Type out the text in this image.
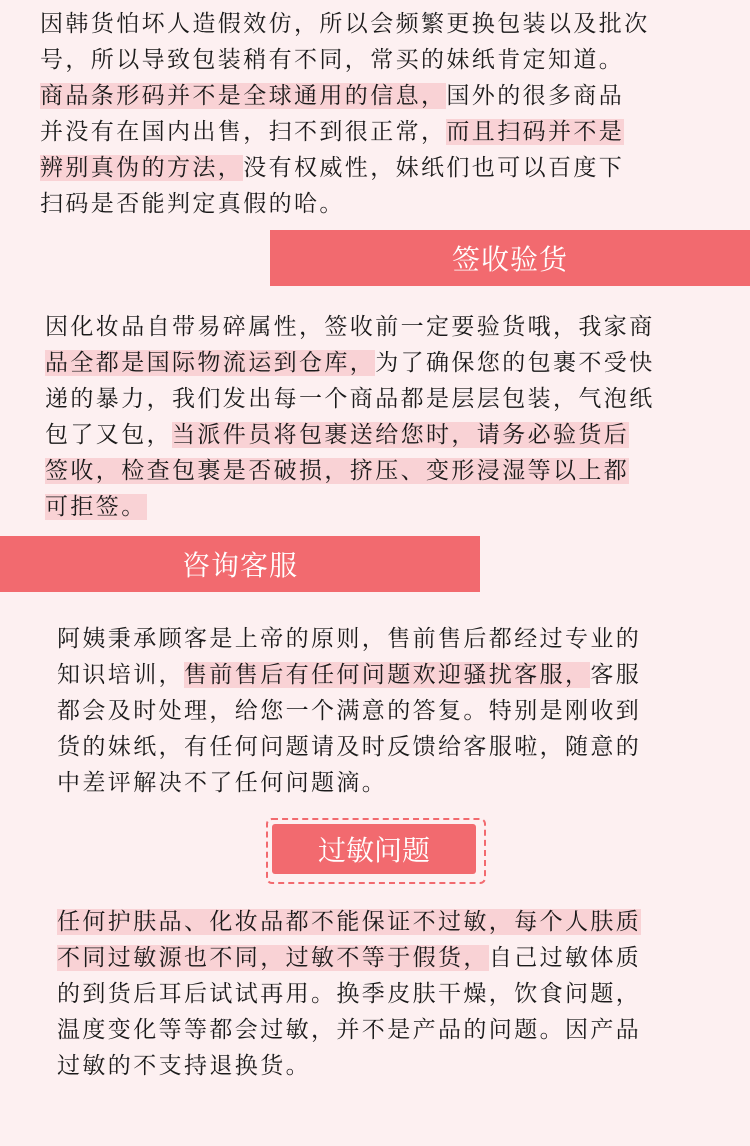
因韩货怕坏人造假效仿，所以会频繁更换包装以及批次
号，所以导致包装稍有不同，常买的妹纸肯定知道。
商品条形码并不是全球通用的信息，国外的很多商品
并没有在国内出售，扫不到很正常，而且扫码并不是
辨别真伪的方法，没有权威性，妹纸们也可以百度下
扫码是否能判定真假的哈。
签收验货
因化妆品自带易碎属性，签收前一定要验货哦，我家商
品全都是国际物流运到仓库，为了确保您的包裹不受快
递的暴力，我们发出每一个商品都是层层包装，气泡纸
包了又包，当派件员将包裹送给您时，请务必验货后
签收，检查包裹是否破损，挤压、变形浸湿等以上都
可拒签。
咨询客服
阿姨秉承顾客是上帝的原则，售前售后都经过专业的
知识培训，售前售后有任何问题欢迎骚扰客服，客服
都会及时处理，给您一个满意的答复。特别是刚收到
货的妹纸，有任何问题请及时反馈给客服啦，随意的
中差评解决不了任何问题滴。
过敏问题
任何护肤品、化妆品都不能保证不过敏，每个人肤质
不同过敏源也不同，过敏不等于假货，自己过敏体质
的到货后耳后试试再用。换季皮肤干燥，饮食问题，
温度变化等等都会过敏，并不是产品的问题。因产品
过敏的不支持退换货。
